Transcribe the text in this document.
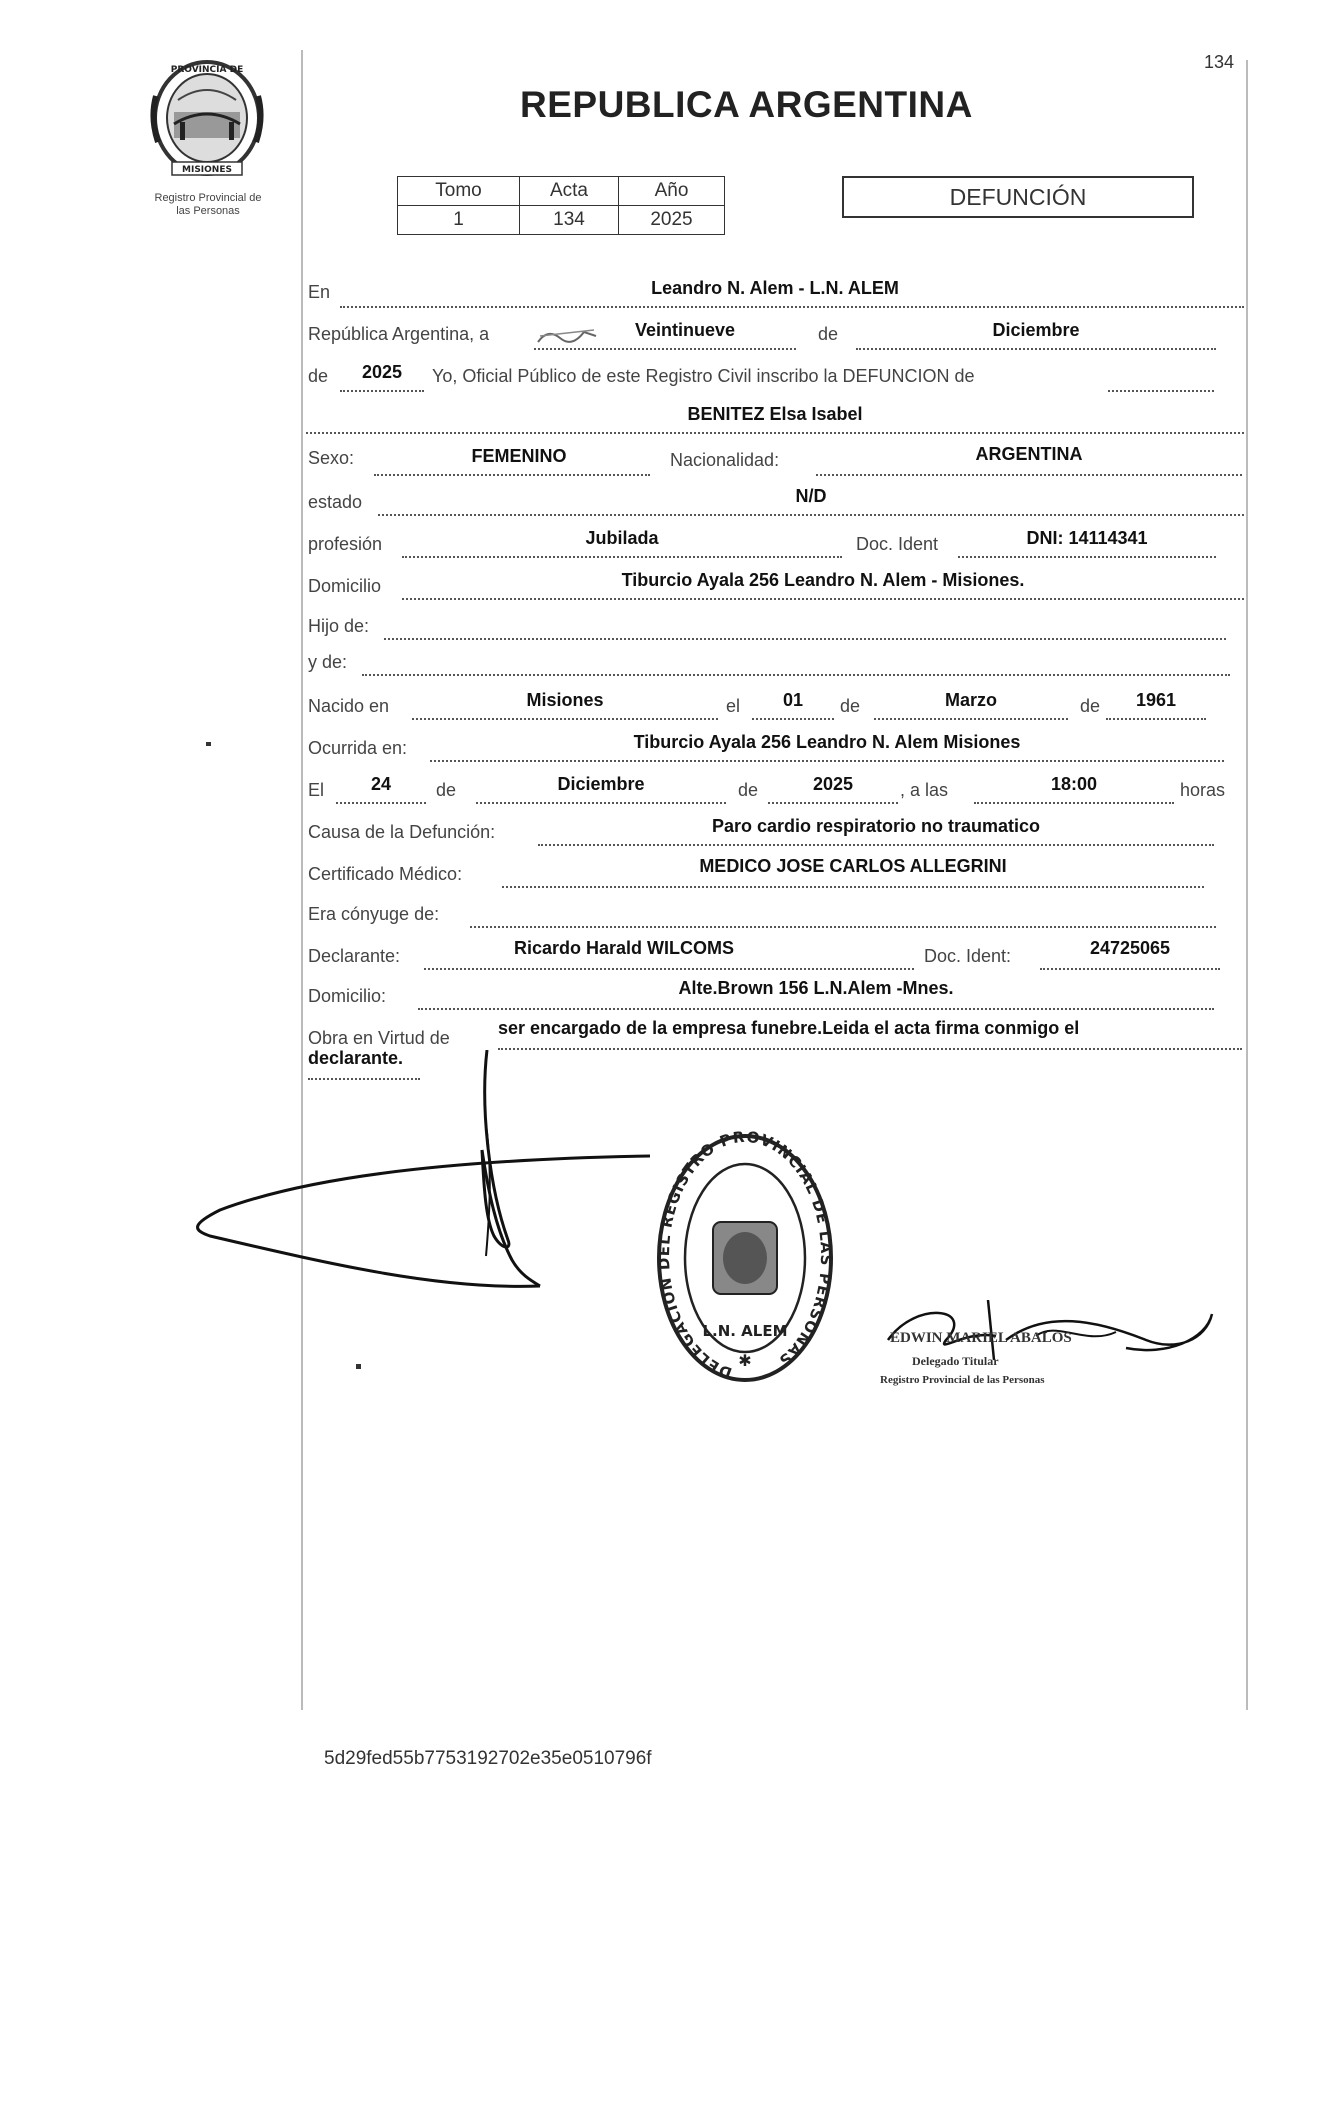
PROVINCIA DE
MISIONES
Registro Provincial de
las Personas
REPUBLICA ARGENTINA
134
Tomo	Acta	Año
1	134	2025
DEFUNCIÓN
En	Leandro N. Alem - L.N. ALEM
República Argentina, a	Veintinueve	de	Diciembre
de	2025	Yo, Oficial Público de este Registro Civil inscribo la DEFUNCION de
BENITEZ Elsa Isabel
Sexo:	FEMENINO	Nacionalidad:	ARGENTINA
estado	N/D
profesión	Jubilada	Doc. Ident	DNI: 14114341
Domicilio	Tiburcio Ayala 256 Leandro N. Alem - Misiones.
Hijo de:
y de:
Nacido en	Misiones	el	01	de	Marzo	de	1961
Ocurrida en:	Tiburcio Ayala 256 Leandro N. Alem Misiones
El	24	de	Diciembre	de	2025	, a las	18:00	horas
Causa de la Defunción:	Paro cardio respiratorio no traumatico
Certificado Médico:	MEDICO JOSE CARLOS ALLEGRINI
Era cónyuge de:
Declarante:	Ricardo Harald WILCOMS	Doc. Ident:	24725065
Domicilio:	Alte.Brown 156 L.N.Alem -Mnes.
Obra en Virtud de	ser encargado de la empresa funebre.Leida el acta firma conmigo el
declarante.
DELEGACION DEL REGISTRO PROVINCIAL DE LAS PERSONAS
L.N. ALEM
✱
EDWIN MARIEL ABALOS
Delegado Titular
Registro Provincial de las Personas
5d29fed55b7753192702e35e0510796f
